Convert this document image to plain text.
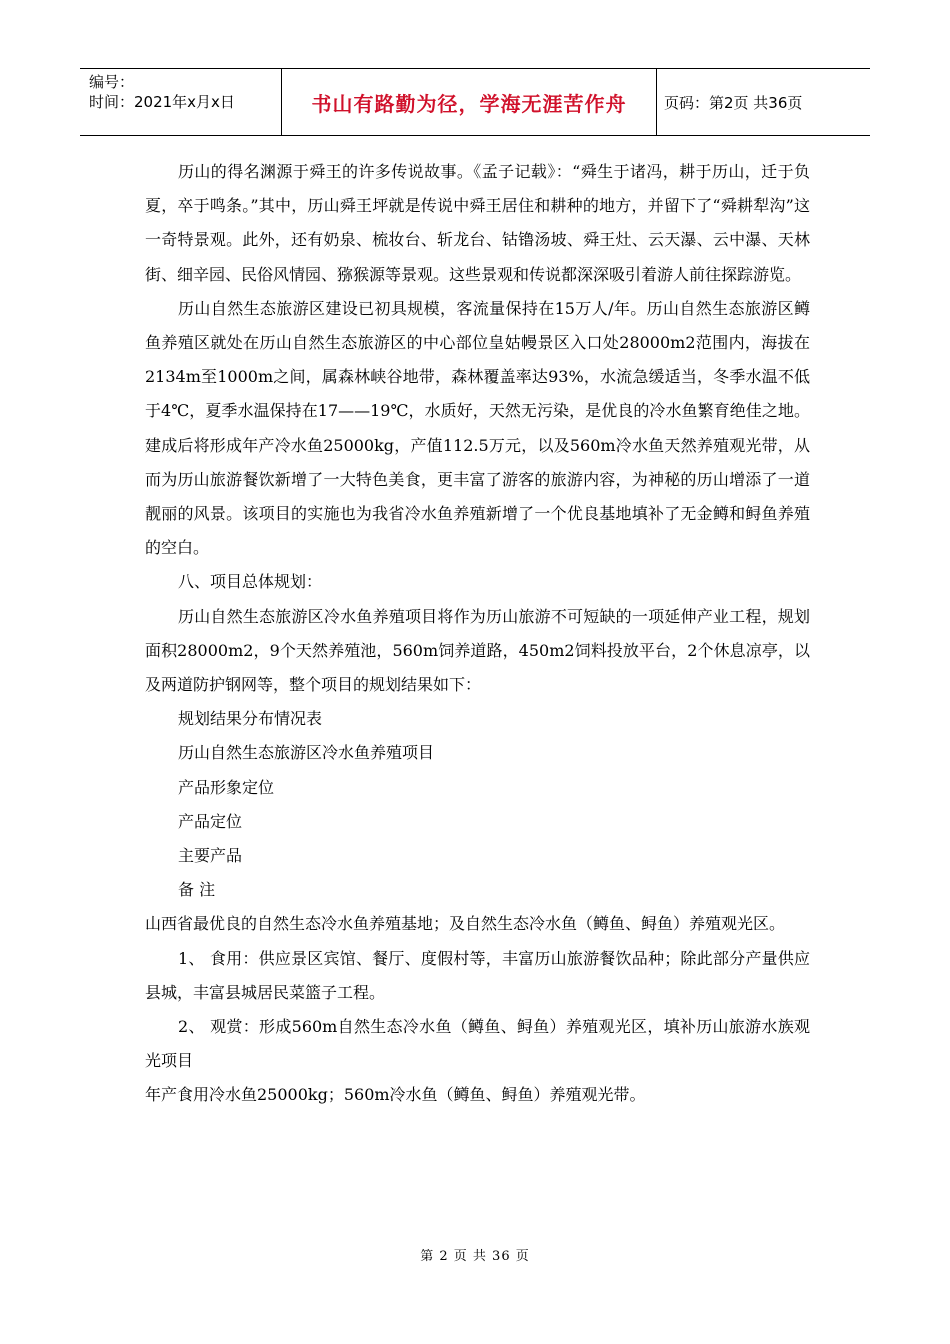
编号：
时间：2021年x月x日	书山有路勤为径，学海无涯苦作舟	页码：第2页 共36页

历山的得名渊源于舜王的许多传说故事。《孟子记载》：“舜生于诸冯，耕于历山，迁于负夏，卒于鸣条。”其中，历山舜王坪就是传说中舜王居住和耕种的地方，并留下了“舜耕犁沟”这一奇特景观。此外，还有奶泉、梳妆台、斩龙台、钴镥汤坡、舜王灶、云天瀑、云中瀑、天林街、细辛园、民俗风情园、猕猴源等景观。这些景观和传说都深深吸引着游人前往探踪游览。

历山自然生态旅游区建设已初具规模，客流量保持在15万人/年。历山自然生态旅游区鳟鱼养殖区就处在历山自然生态旅游区的中心部位皇姑幔景区入口处28000m2范围内，海拔在2134m至1000m之间，属森林峡谷地带，森林覆盖率达93%，水流急缓适当，冬季水温不低于4℃，夏季水温保持在17——19℃，水质好，天然无污染，是优良的冷水鱼繁育绝佳之地。建成后将形成年产冷水鱼25000kg，产值112.5万元，以及560m冷水鱼天然养殖观光带，从而为历山旅游餐饮新增了一大特色美食，更丰富了游客的旅游内容，为神秘的历山增添了一道靓丽的风景。该项目的实施也为我省冷水鱼养殖新增了一个优良基地填补了无金鳟和鲟鱼养殖的空白。

八、项目总体规划：

历山自然生态旅游区冷水鱼养殖项目将作为历山旅游不可短缺的一项延伸产业工程，规划面积28000m2，9个天然养殖池，560m饲养道路，450m2饲料投放平台，2个休息凉亭，以及两道防护钢网等，整个项目的规划结果如下：

规划结果分布情况表

历山自然生态旅游区冷水鱼养殖项目

产品形象定位

产品定位

主要产品

备 注

山西省最优良的自然生态冷水鱼养殖基地；及自然生态冷水鱼（鳟鱼、鲟鱼）养殖观光区。

1、 食用：供应景区宾馆、餐厅、度假村等，丰富历山旅游餐饮品种；除此部分产量供应县城，丰富县城居民菜篮子工程。

2、 观赏：形成560m自然生态冷水鱼（鳟鱼、鲟鱼）养殖观光区，填补历山旅游水族观光项目

年产食用冷水鱼25000kg；560m冷水鱼（鳟鱼、鲟鱼）养殖观光带。

第 2 页 共 36 页
